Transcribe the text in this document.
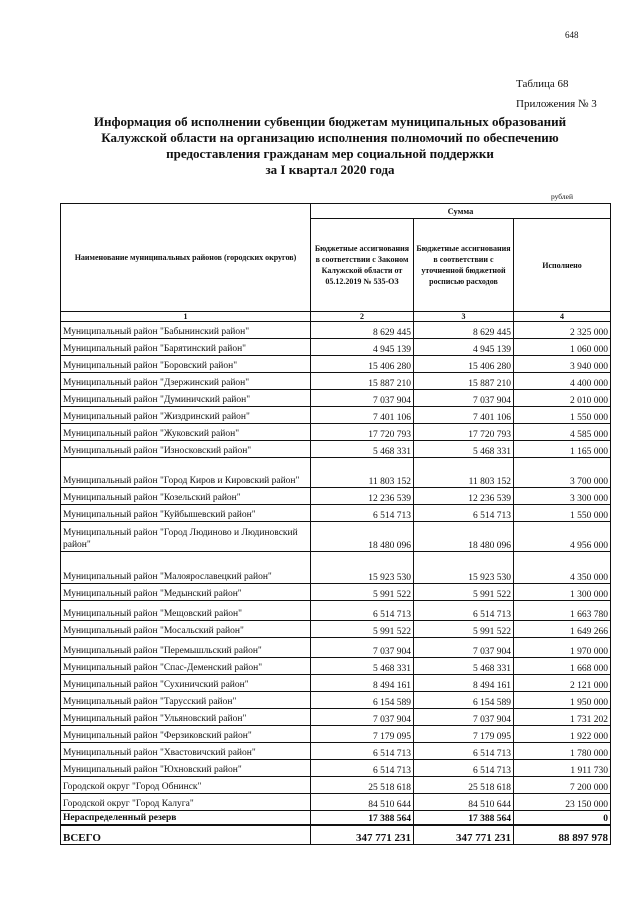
648
Таблица 68
Приложения № 3
Информация об исполнении субвенции бюджетам муниципальных образований
Калужской области на организацию исполнения полномочий по обеспечению
предоставления гражданам мер социальной поддержки
за I квартал 2020 года
рублей
Наименование муниципальных районов (городских округов)	Сумма		
	Бюджетные ассигнования в соответствии с Законом Калужской области от 05.12.2019 № 535-ОЗ	Бюджетные ассигнования в соответствии с уточненной бюджетной росписью расходов	Исполнено
1	2	3	4
Муниципальный район "Бабынинский район"	8 629 445	8 629 445	2 325 000
Муниципальный район "Барятинский район"	4 945 139	4 945 139	1 060 000
Муниципальный район "Боровский район"	15 406 280	15 406 280	3 940 000
Муниципальный район "Дзержинский район"	15 887 210	15 887 210	4 400 000
Муниципальный район "Думиничский район"	7 037 904	7 037 904	2 010 000
Муниципальный район "Жиздринский район"	7 401 106	7 401 106	1 550 000
Муниципальный район "Жуковский район"	17 720 793	17 720 793	4 585 000
Муниципальный район "Износковский район"	5 468 331	5 468 331	1 165 000
Муниципальный район "Город Киров и Кировский район"	11 803 152	11 803 152	3 700 000
Муниципальный район "Козельский район"	12 236 539	12 236 539	3 300 000
Муниципальный район "Куйбышевский район"	6 514 713	6 514 713	1 550 000
Муниципальный район "Город Людиново и Людиновский район"	18 480 096	18 480 096	4 956 000
Муниципальный район "Малоярославецкий район"	15 923 530	15 923 530	4 350 000
Муниципальный район "Медынский район"	5 991 522	5 991 522	1 300 000
Муниципальный район "Мещовский район"	6 514 713	6 514 713	1 663 780
Муниципальный район "Мосальский район"	5 991 522	5 991 522	1 649 266
Муниципальный район "Перемышльский район"	7 037 904	7 037 904	1 970 000
Муниципальный район "Спас-Деменский район"	5 468 331	5 468 331	1 668 000
Муниципальный район "Сухиничский район"	8 494 161	8 494 161	2 121 000
Муниципальный район "Тарусский район"	6 154 589	6 154 589	1 950 000
Муниципальный район "Ульяновский район"	7 037 904	7 037 904	1 731 202
Муниципальный район "Ферзиковский район"	7 179 095	7 179 095	1 922 000
Муниципальный район "Хвастовичский район"	6 514 713	6 514 713	1 780 000
Муниципальный район "Юхновский район"	6 514 713	6 514 713	1 911 730
Городской округ "Город Обнинск"	25 518 618	25 518 618	7 200 000
Городской округ "Город Калуга"	84 510 644	84 510 644	23 150 000
Нераспределенный резерв	17 388 564	17 388 564	0
ВСЕГО	347 771 231	347 771 231	88 897 978
